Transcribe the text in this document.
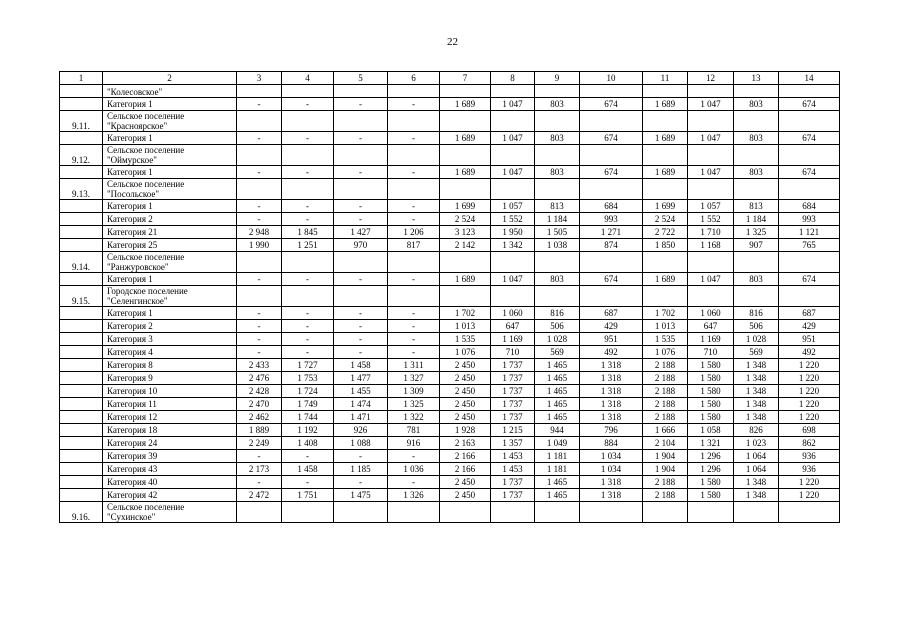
22
1	2	3	4	5	6	7	8	9	10	11	12	13	14
	"Колесовское"												
	Категория 1	-	-	-	-	1 689	1 047	803	674	1 689	1 047	803	674
9.11.	Сельское поселение
"Красноярское"												
	Категория 1	-	-	-	-	1 689	1 047	803	674	1 689	1 047	803	674
9.12.	Сельское поселение
"Оймурское"												
	Категория 1	-	-	-	-	1 689	1 047	803	674	1 689	1 047	803	674
9.13.	Сельское поселение
"Посольское"												
	Категория 1	-	-	-	-	1 699	1 057	813	684	1 699	1 057	813	684
	Категория 2	-	-	-	-	2 524	1 552	1 184	993	2 524	1 552	1 184	993
	Категория 21	2 948	1 845	1 427	1 206	3 123	1 950	1 505	1 271	2 722	1 710	1 325	1 121
	Категория 25	1 990	1 251	970	817	2 142	1 342	1 038	874	1 850	1 168	907	765
9.14.	Сельское поселение
"Ранжуровское"												
	Категория 1	-	-	-	-	1 689	1 047	803	674	1 689	1 047	803	674
9.15.	Городское поселение
"Селенгинское"												
	Категория 1	-	-	-	-	1 702	1 060	816	687	1 702	1 060	816	687
	Категория 2	-	-	-	-	1 013	647	506	429	1 013	647	506	429
	Категория 3	-	-	-	-	1 535	1 169	1 028	951	1 535	1 169	1 028	951
	Категория 4	-	-	-	-	1 076	710	569	492	1 076	710	569	492
	Категория 8	2 433	1 727	1 458	1 311	2 450	1 737	1 465	1 318	2 188	1 580	1 348	1 220
	Категория 9	2 476	1 753	1 477	1 327	2 450	1 737	1 465	1 318	2 188	1 580	1 348	1 220
	Категория 10	2 428	1 724	1 455	1 309	2 450	1 737	1 465	1 318	2 188	1 580	1 348	1 220
	Категория 11	2 470	1 749	1 474	1 325	2 450	1 737	1 465	1 318	2 188	1 580	1 348	1 220
	Категория 12	2 462	1 744	1 471	1 322	2 450	1 737	1 465	1 318	2 188	1 580	1 348	1 220
	Категория 18	1 889	1 192	926	781	1 928	1 215	944	796	1 666	1 058	826	698
	Категория 24	2 249	1 408	1 088	916	2 163	1 357	1 049	884	2 104	1 321	1 023	862
	Категория 39	-	-	-	-	2 166	1 453	1 181	1 034	1 904	1 296	1 064	936
	Категория 43	2 173	1 458	1 185	1 036	2 166	1 453	1 181	1 034	1 904	1 296	1 064	936
	Категория 40	-	-	-	-	2 450	1 737	1 465	1 318	2 188	1 580	1 348	1 220
	Категория 42	2 472	1 751	1 475	1 326	2 450	1 737	1 465	1 318	2 188	1 580	1 348	1 220
9.16.	Сельское поселение
"Сухинское"												
